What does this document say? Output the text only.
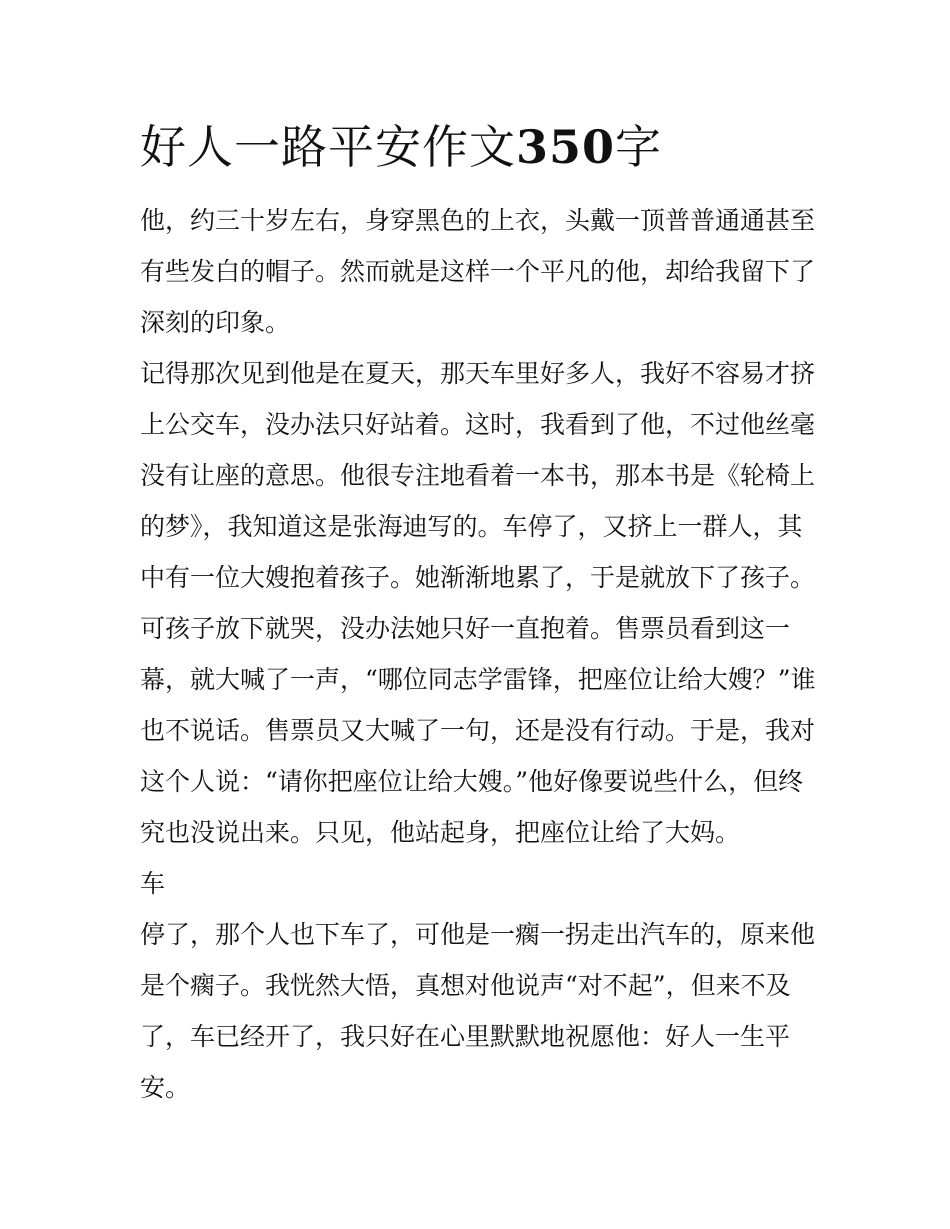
好人一路平安作文350字
他，约三十岁左右，身穿黑色的上衣，头戴一顶普普通通甚至
有些发白的帽子。然而就是这样一个平凡的他，却给我留下了
深刻的印象。
记得那次见到他是在夏天，那天车里好多人，我好不容易才挤
上公交车，没办法只好站着。这时，我看到了他，不过他丝毫
没有让座的意思。他很专注地看着一本书，那本书是《轮椅上
的梦》，我知道这是张海迪写的。车停了，又挤上一群人，其
中有一位大嫂抱着孩子。她渐渐地累了，于是就放下了孩子。
可孩子放下就哭，没办法她只好一直抱着。售票员看到这一
幕，就大喊了一声，“哪位同志学雷锋，把座位让给大嫂？”谁
也不说话。售票员又大喊了一句，还是没有行动。于是，我对
这个人说：“请你把座位让给大嫂。”他好像要说些什么，但终
究也没说出来。只见，他站起身，把座位让给了大妈。
车
停了，那个人也下车了，可他是一瘸一拐走出汽车的，原来他
是个瘸子。我恍然大悟，真想对他说声“对不起”，但来不及
了，车已经开了，我只好在心里默默地祝愿他：好人一生平
安。
